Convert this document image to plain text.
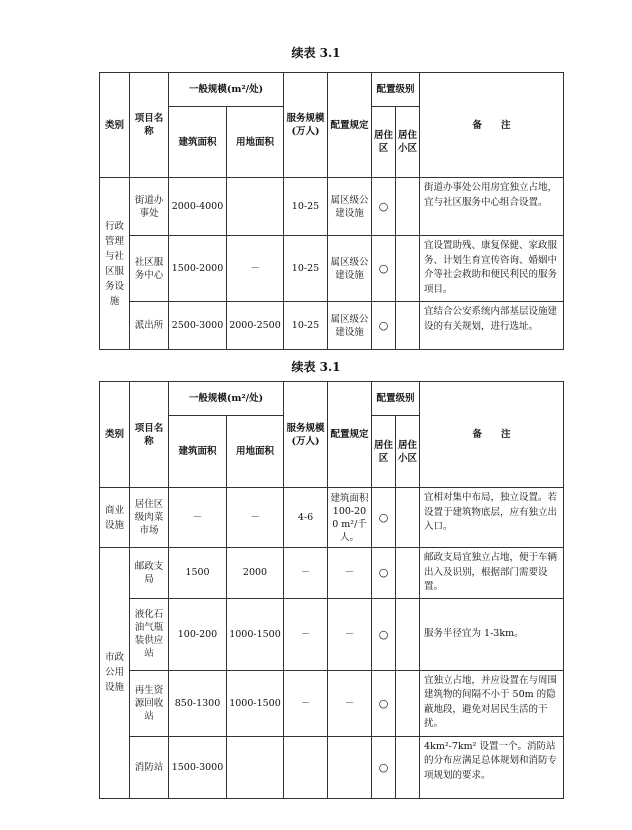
续表 3.1
类别	项目名称	一般规模(m²/处)		服务规模(万人)	配置规定	配置级别		备　　注
		建筑面积	用地面积			居住区	居住小区	

行政管理与社区服务设施	街道办事处	2000-4000		10-25	属区级公建设施	○		街道办事处公用房宜独立占地，宜与社区服务中心组合设置。
	社区服务中心	1500-2000	－	10-25	属区级公建设施	○		宜设置助残、康复保健、家政服务、计划生育宣传咨询、婚姻中介等社会救助和便民利民的服务项目。
	派出所	2500-3000	2000-2500	10-25	属区级公建设施	○		宜结合公安系统内部基层设施建设的有关规划，进行选址。
续表 3.1
类别	项目名称	一般规模(m²/处)		服务规模(万人)	配置规定	配置级别		备　　注
		建筑面积	用地面积			居住区	居住小区	

商业设施	居住区级肉菜市场	－	－	4-6	建筑面积 100-200 m²/千人。	○		宜相对集中布局，独立设置。若设置于建筑物底层，应有独立出入口。
市政公用设施	邮政支局	1500	2000	－	－	○		邮政支局宜独立占地，便于车辆出入及识别，根据部门需要设置。
	液化石油气瓶装供应站	100-200	1000-1500	－	－	○		服务半径宜为 1-3km。
	再生资源回收站	850-1300	1000-1500	－	－	○		宜独立占地，并应设置在与周围建筑物的间隔不小于 50m 的隐蔽地段，避免对居民生活的干扰。
	消防站	1500-3000				○		4km²-7km² 设置一个。消防站的分布应满足总体规划和消防专项规划的要求。
